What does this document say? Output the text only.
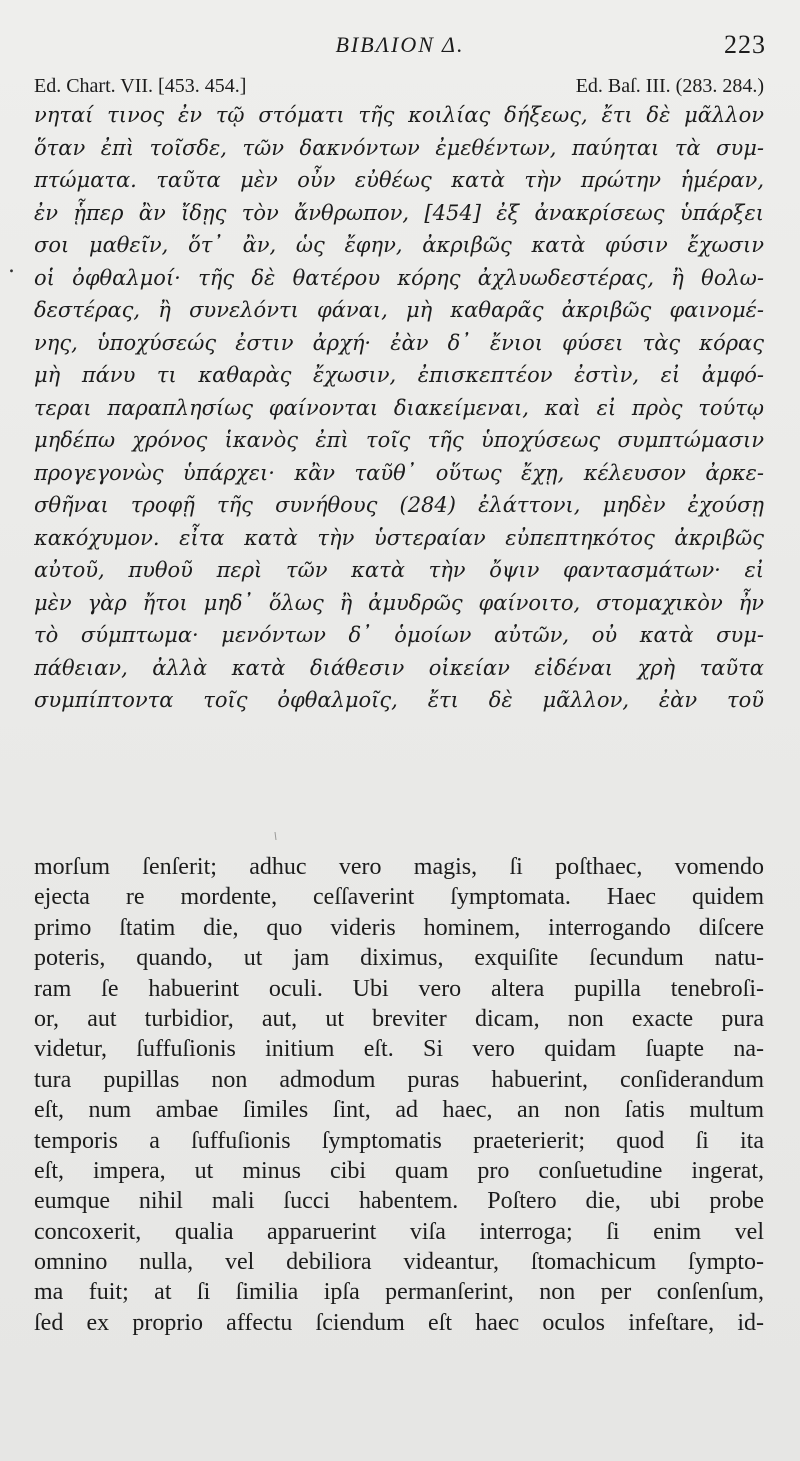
ΒΙΒΛΙΟΝ Δ.	223
Ed. Chart. VII. [453. 454.]	Ed. Baſ. III. (283. 284.)
.
νηταί τινος ἐν τῷ στόματι τῆς κοιλίας δήξεως, ἔτι δὲ μᾶλλον
ὅταν ἐπὶ τοῖσδε, τῶν δακνόντων ἐμεθέντων, παύηται τὰ συμ-
πτώματα. ταῦτα μὲν οὖν εὐθέως κατὰ τὴν πρώτην ἡμέραν,
ἐν ᾗπερ ἂν ἴδῃς τὸν ἄνθρωπον, [454] ἐξ ἀνακρίσεως ὑπάρξει
σοι μαθεῖν, ὅτ᾽ ἂν, ὡς ἔφην, ἀκριβῶς κατὰ φύσιν ἔχωσιν
οἱ ὀφθαλμοί· τῆς δὲ θατέρου κόρης ἀχλυωδεστέρας, ἢ θολω-
δεστέρας, ἢ συνελόντι φάναι, μὴ καθαρᾶς ἀκριβῶς φαινομέ-
νης, ὑποχύσεώς ἐστιν ἀρχή· ἐὰν δ᾽ ἔνιοι φύσει τὰς κόρας
μὴ πάνυ τι καθαρὰς ἔχωσιν, ἐπισκεπτέον ἐστὶν, εἰ ἀμφό-
τεραι παραπλησίως φαίνονται διακείμεναι, καὶ εἰ πρὸς τούτῳ
μηδέπω χρόνος ἱκανὸς ἐπὶ τοῖς τῆς ὑποχύσεως συμπτώμασιν
προγεγονὼς ὑπάρχει· κἂν ταῦθ᾽ οὕτως ἔχῃ, κέλευσον ἀρκε-
σθῆναι τροφῇ τῆς συνήθους (284) ἐλάττονι, μηδὲν ἐχούσῃ
κακόχυμον. εἶτα κατὰ τὴν ὑστεραίαν εὐπεπτηκότος ἀκριβῶς
αὐτοῦ, πυθοῦ περὶ τῶν κατὰ τὴν ὄψιν φαντασμάτων· εἰ
μὲν γὰρ ἤτοι μηδ᾽ ὅλως ἢ ἀμυδρῶς φαίνοιτο, στομαχικὸν ἦν
τὸ σύμπτωμα· μενόντων δ᾽ ὁμοίων αὐτῶν, οὐ κατὰ συμ-
πάθειαν, ἀλλὰ κατὰ διάθεσιν οἰκείαν εἰδέναι χρὴ ταῦτα
συμπίπτοντα τοῖς ὀφθαλμοῖς, ἔτι δὲ μᾶλλον, ἐὰν τοῦ
morſum ſenſerit; adhuc vero magis, ſi poſthaec, vomendo
ejecta re mordente, ceſſaverint ſymptomata. Haec quidem
primo ſtatim die, quo videris hominem, interrogando diſcere
poteris, quando, ut jam diximus, exquiſite ſecundum natu-
ram ſe habuerint oculi. Ubi vero altera pupilla tenebroſi-
or, aut turbidior, aut, ut breviter dicam, non exacte pura
videtur, ſuffuſionis initium eſt. Si vero quidam ſuapte na-
tura pupillas non admodum puras habuerint, conſiderandum
eſt, num ambae ſimiles ſint, ad haec, an non ſatis multum
temporis a ſuffuſionis ſymptomatis praeterierit; quod ſi ita
eſt, impera, ut minus cibi quam pro conſuetudine ingerat,
eumque nihil mali ſucci habentem. Poſtero die, ubi probe
concoxerit, qualia apparuerint viſa interroga; ſi enim vel
omnino nulla, vel debiliora videantur, ſtomachicum ſympto-
ma fuit; at ſi ſimilia ipſa permanſerint, non per conſenſum,
ſed ex proprio affectu ſciendum eſt haec oculos infeſtare, id-
